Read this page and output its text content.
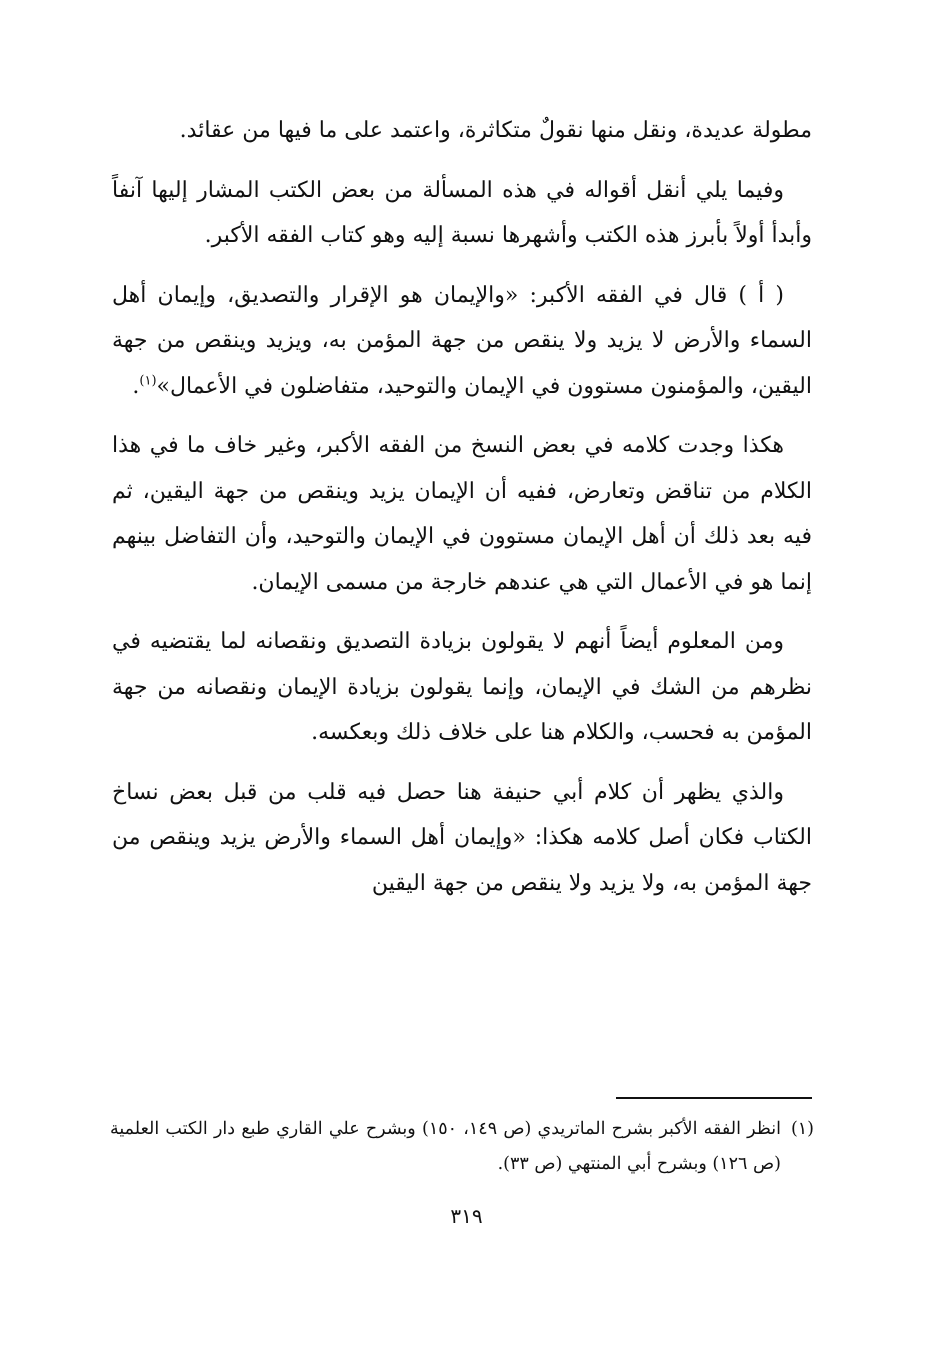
مطولة عديدة، ونقل منها نقولٌ متكاثرة، واعتمد على ما فيها من عقائد.

وفيما يلي أنقل أقواله في هذه المسألة من بعض الكتب المشار إليها آنفاً وأبدأ أولاً بأبرز هذه الكتب وأشهرها نسبة إليه وهو كتاب الفقه الأكبر.

( أ ) قال في الفقه الأكبر: «والإيمان هو الإقرار والتصديق، وإيمان أهل السماء والأرض لا يزيد ولا ينقص من جهة المؤمن به، ويزيد وينقص من جهة اليقين، والمؤمنون مستوون في الإيمان والتوحيد، متفاضلون في الأعمال»$^{(١)}$.

هكذا وجدت كلامه في بعض النسخ من الفقه الأكبر، وغير خاف ما في هذا الكلام من تناقض وتعارض، ففيه أن الإيمان يزيد وينقص من جهة اليقين، ثم فيه بعد ذلك أن أهل الإيمان مستوون في الإيمان والتوحيد، وأن التفاضل بينهم إنما هو في الأعمال التي هي عندهم خارجة من مسمى الإيمان.

ومن المعلوم أيضاً أنهم لا يقولون بزيادة التصديق ونقصانه لما يقتضيه في نظرهم من الشك في الإيمان، وإنما يقولون بزيادة الإيمان ونقصانه من جهة المؤمن به فحسب، والكلام هنا على خلاف ذلك وبعكسه.

والذي يظهر أن كلام أبي حنيفة هنا حصل فيه قلب من قبل بعض نساخ الكتاب فكان أصل كلامه هكذا: «وإيمان أهل السماء والأرض يزيد وينقص من جهة المؤمن به، ولا يزيد ولا ينقص من جهة اليقين

(١)
انظر الفقه الأكبر بشرح الماتريدي (ص ١٤٩، ١٥٠) وبشرح علي القاري طبع دار الكتب العلمية (ص ١٢٦) وبشرح أبي المنتهي (ص ٣٣).
٣١٩
